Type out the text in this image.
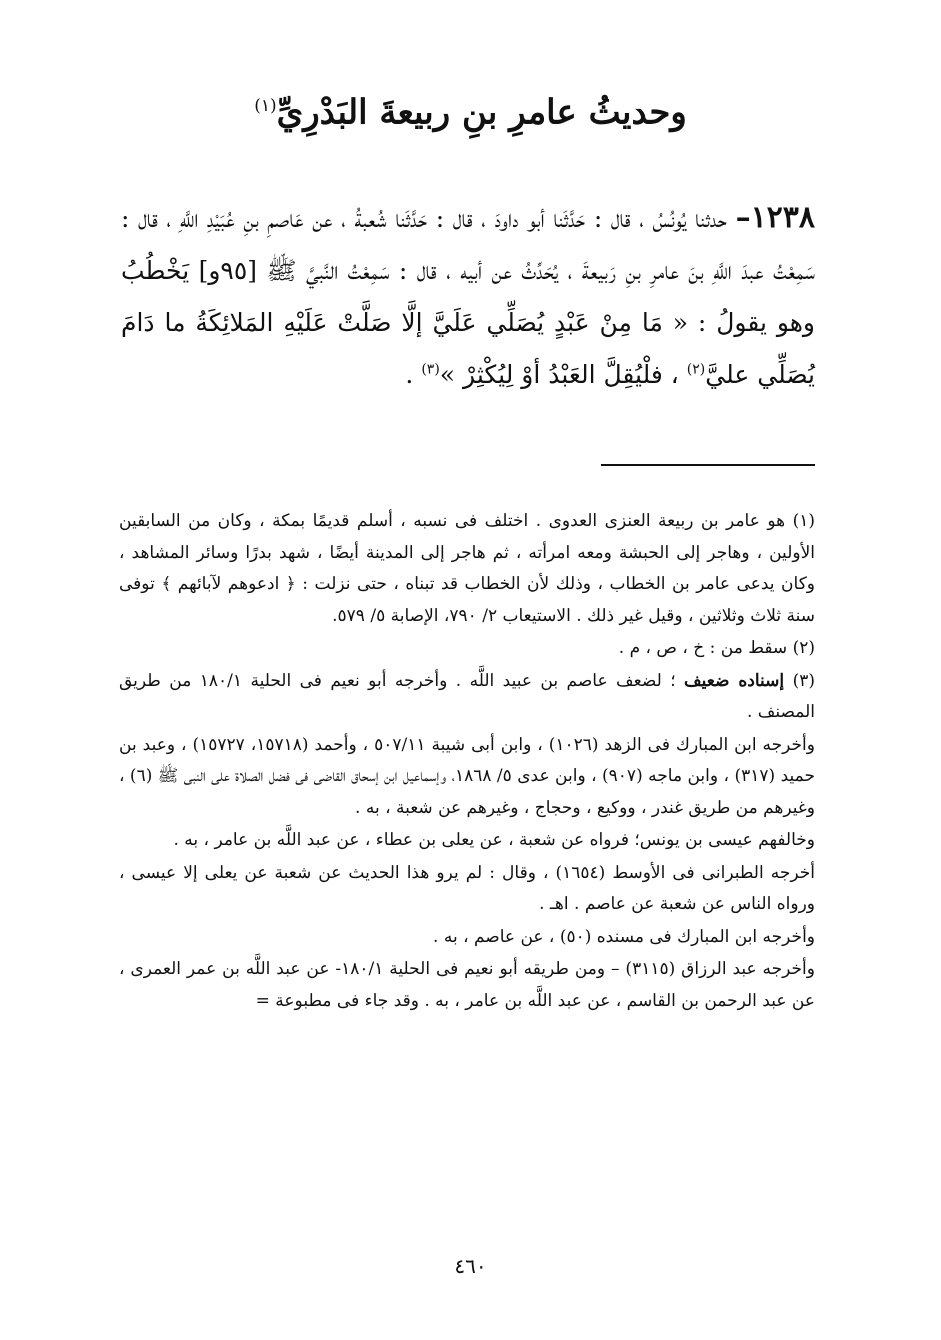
وحديثُ عامرِ بنِ ربيعةَ البَدْرِيِّ$^{(١)}$
١٢٣٨– حدثنا يُونُسُ ، قال : حَدَّثَنا أبو داودَ ، قال : حَدَّثَنا شُعبةُ ، عن عَاصمِ بنِ عُبَيْدِ اللَّهِ ، قال : سَمِعْتُ عبدَ اللَّهِ بنَ عامرِ بنِ رَبيعةَ ، يُحَدِّثُ عن أبيه ، قال : سَمِعْتُ النَّبيَّ ﷺ [٩٥و] يَخْطُبُ وهو يقولُ : « مَا مِنْ عَبْدٍ يُصَلِّي عَلَيَّ إلَّا صَلَّتْ عَلَيْهِ المَلائِكَةُ ما دَامَ يُصَلِّي عليَّ$^{(٢)}$ ، فلْيُقِلَّ العَبْدُ أوْ لِيُكْثِرْ »$^{(٣)}$ .

(١) هو عامر بن ربيعة العنزى العدوى . اختلف فى نسبه ، أسلم قديمًا بمكة ، وكان من السابقين الأولين ، وهاجر إلى الحبشة ومعه امرأته ، ثم هاجر إلى المدينة أيضًا ، شهد بدرًا وسائر المشاهد ، وكان يدعى عامر بن الخطاب ، وذلك لأن الخطاب قد تبناه ، حتى نزلت : ﴿ ادعوهم لآبائهم ﴾ توفى سنة ثلاث وثلاثين ، وقيل غير ذلك . الاستيعاب ٢/ ٧٩٠، الإصابة ٥/ ٥٧٩.

(٢) سقط من : خ ، ص ، م .

(٣) إسناده ضعيف ؛ لضعف عاصم بن عبيد اللَّه . وأخرجه أبو نعيم فى الحلية ١٨٠/١ من طريق المصنف .

وأخرجه ابن المبارك فى الزهد (١٠٢٦) ، وابن أبى شيبة ٥٠٧/١١ ، وأحمد (١٥٧١٨، ١٥٧٢٧) ، وعبد بن حميد (٣١٧) ، وابن ماجه (٩٠٧) ، وابن عدى ٥/ ١٨٦٨، وإسماعيل ابن إسحاق القاضى فى فضل الصلاة على النبى ﷺ (٦) ، وغيرهم من طريق غندر ، ووكيع ، وحجاج ، وغيرهم عن شعبة ، به .

وخالفهم عيسى بن يونس؛ فرواه عن شعبة ، عن يعلى بن عطاء ، عن عبد اللَّه بن عامر ، به .

أخرجه الطبرانى فى الأوسط (١٦٥٤) ، وقال : لم يرو هذا الحديث عن شعبة عن يعلى إلا عيسى ، ورواه الناس عن شعبة عن عاصم . اهـ .

وأخرجه ابن المبارك فى مسنده (٥٠) ، عن عاصم ، به .

وأخرجه عبد الرزاق (٣١١٥) – ومن طريقه أبو نعيم فى الحلية ١٨٠/١- عن عبد اللَّه بن عمر العمرى ، عن عبد الرحمن بن القاسم ، عن عبد اللَّه بن عامر ، به . وقد جاء فى مطبوعة =

٤٦٠
